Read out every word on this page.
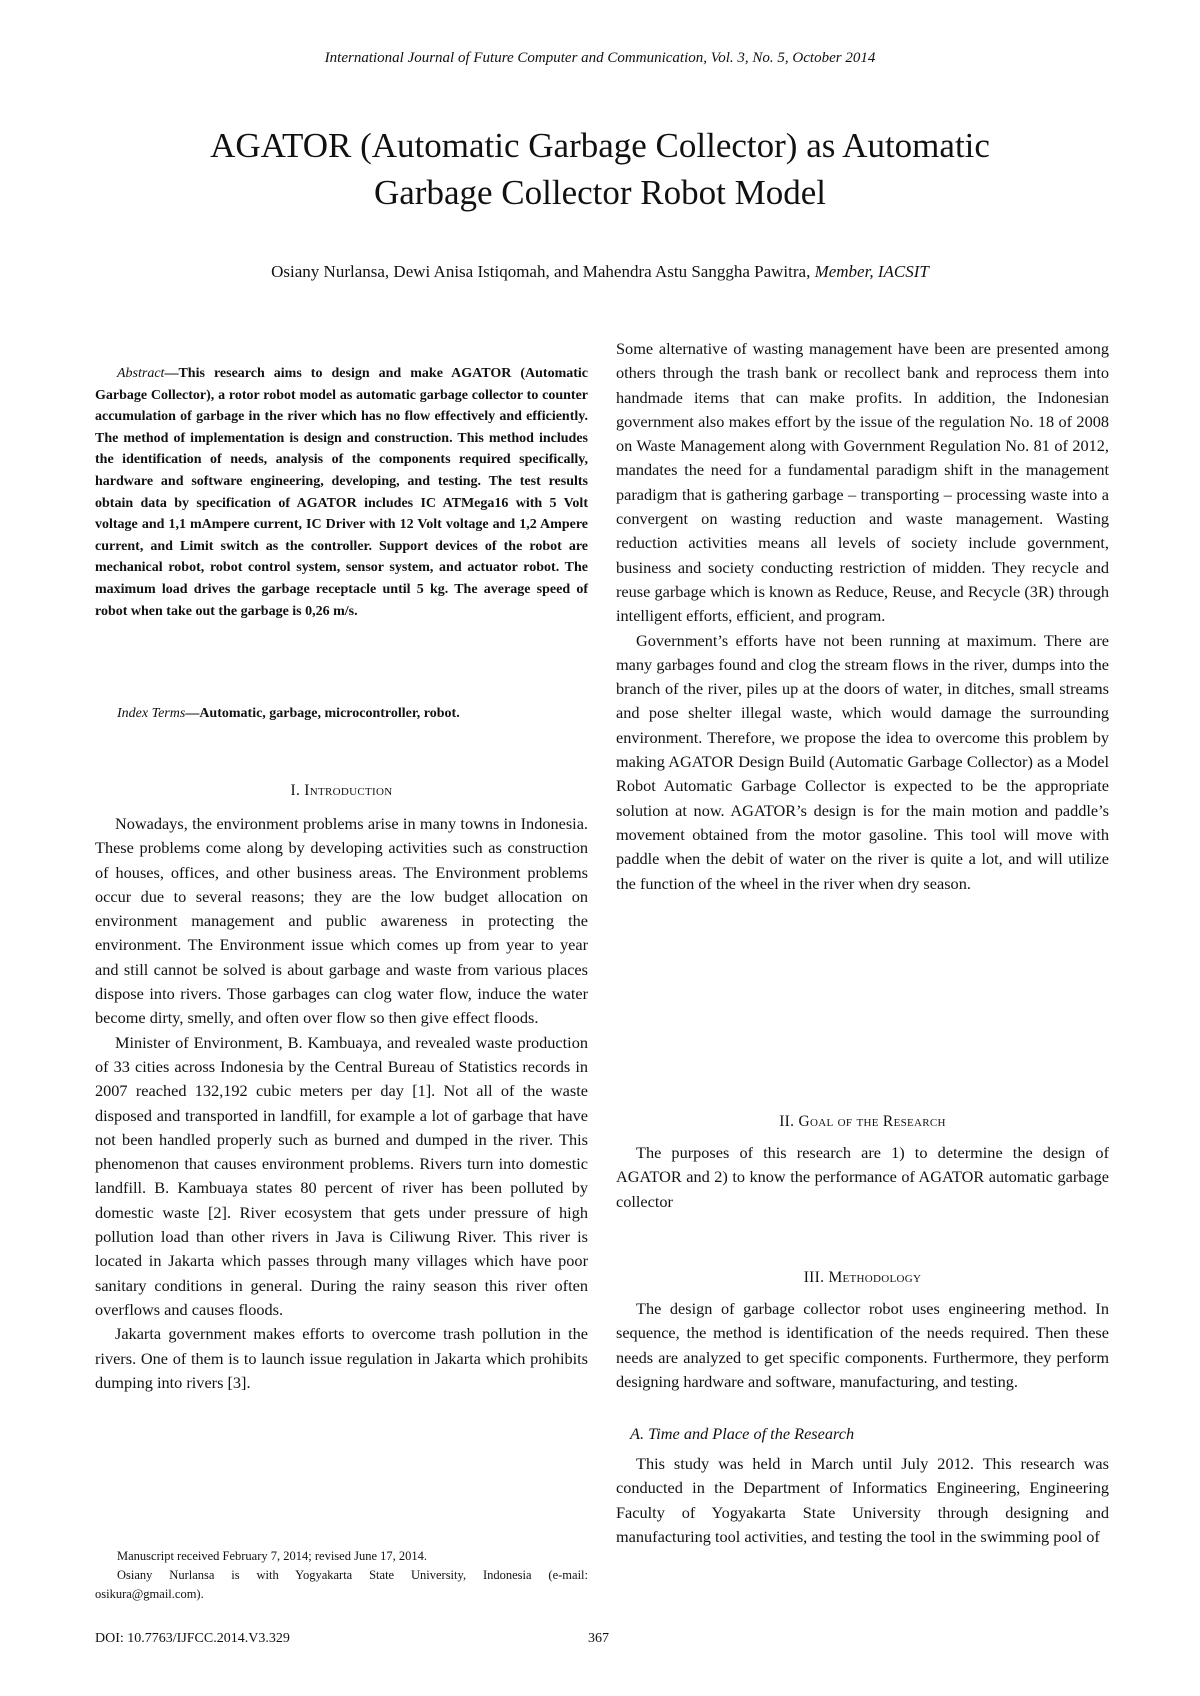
International Journal of Future Computer and Communication, Vol. 3, No. 5, October 2014
AGATOR (Automatic Garbage Collector) as Automatic
Garbage Collector Robot Model
Osiany Nurlansa, Dewi Anisa Istiqomah, and Mahendra Astu Sanggha Pawitra, Member, IACSIT

Abstract—This research aims to design and make AGATOR (Automatic Garbage Collector), a rotor robot model as automatic garbage collector to counter accumulation of garbage in the river which has no flow effectively and efficiently. The method of implementation is design and construction. This method includes the identification of needs, analysis of the components required specifically, hardware and software engineering, developing, and testing. The test results obtain data by specification of AGATOR includes IC ATMega16 with 5 Volt voltage and 1,1 mAmpere current, IC Driver with 12 Volt voltage and 1,2 Ampere current, and Limit switch as the controller. Support devices of the robot are mechanical robot, robot control system, sensor system, and actuator robot. The maximum load drives the garbage receptacle until 5 kg. The average speed of robot when take out the garbage is 0,26 m/s.

Index Terms—Automatic, garbage, microcontroller, robot.
I. Introduction

Nowadays, the environment problems arise in many towns in Indonesia. These problems come along by developing activities such as construction of houses, offices, and other business areas. The Environment problems occur due to several reasons; they are the low budget allocation on environment management and public awareness in protecting the environment. The Environment issue which comes up from year to year and still cannot be solved is about garbage and waste from various places dispose into rivers. Those garbages can clog water flow, induce the water become dirty, smelly, and often over flow so then give effect floods.

Minister of Environment, B. Kambuaya, and revealed waste production of 33 cities across Indonesia by the Central Bureau of Statistics records in 2007 reached 132,192 cubic meters per day [1]. Not all of the waste disposed and transported in landfill, for example a lot of garbage that have not been handled properly such as burned and dumped in the river. This phenomenon that causes environment problems. Rivers turn into domestic landfill. B. Kambuaya states 80 percent of river has been polluted by domestic waste [2]. River ecosystem that gets under pressure of high pollution load than other rivers in Java is Ciliwung River. This river is located in Jakarta which passes through many villages which have poor sanitary conditions in general. During the rainy season this river often overflows and causes floods.

Jakarta government makes efforts to overcome trash pollution in the rivers. One of them is to launch issue regulation in Jakarta which prohibits dumping into rivers [3].

Manuscript received February 7, 2014; revised June 17, 2014.

Osiany Nurlansa is with Yogyakarta State University, Indonesia (e-mail: osikura@gmail.com).

Some alternative of wasting management have been are presented among others through the trash bank or recollect bank and reprocess them into handmade items that can make profits. In addition, the Indonesian government also makes effort by the issue of the regulation No. 18 of 2008 on Waste Management along with Government Regulation No. 81 of 2012, mandates the need for a fundamental paradigm shift in the management paradigm that is gathering garbage – transporting – processing waste into a convergent on wasting reduction and waste management. Wasting reduction activities means all levels of society include government, business and society conducting restriction of midden. They recycle and reuse garbage which is known as Reduce, Reuse, and Recycle (3R) through intelligent efforts, efficient, and program.

Government’s efforts have not been running at maximum. There are many garbages found and clog the stream flows in the river, dumps into the branch of the river, piles up at the doors of water, in ditches, small streams and pose shelter illegal waste, which would damage the surrounding environment. Therefore, we propose the idea to overcome this problem by making AGATOR Design Build (Automatic Garbage Collector) as a Model Robot Automatic Garbage Collector is expected to be the appropriate solution at now. AGATOR’s design is for the main motion and paddle’s movement obtained from the motor gasoline. This tool will move with paddle when the debit of water on the river is quite a lot, and will utilize the function of the wheel in the river when dry season.

II. Goal of the Research

The purposes of this research are 1) to determine the design of AGATOR and 2) to know the performance of AGATOR automatic garbage collector

III. Methodology

The design of garbage collector robot uses engineering method. In sequence, the method is identification of the needs required. Then these needs are analyzed to get specific components. Furthermore, they perform designing hardware and software, manufacturing, and testing.

A. Time and Place of the Research

This study was held in March until July 2012. This research was conducted in the Department of Informatics Engineering, Engineering Faculty of Yogyakarta State University through designing and manufacturing tool activities, and testing the tool in the swimming pool of

DOI: 10.7763/IJFCC.2014.V3.329	367
